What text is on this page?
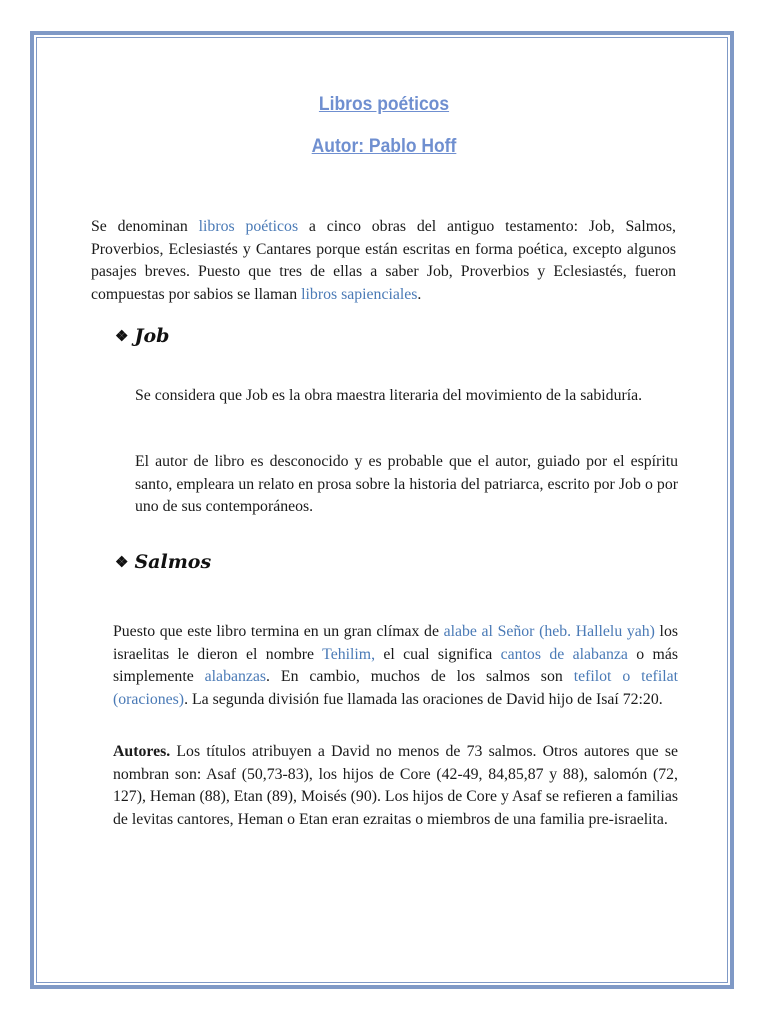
Libros poéticos
Autor: Pablo Hoff

Se denominan libros poéticos a cinco obras del antiguo testamento: Job, Salmos, Proverbios, Eclesiastés y Cantares porque están escritas en forma poética, excepto algunos pasajes breves. Puesto que tres de ellas a saber Job, Proverbios y Eclesiastés, fueron compuestas por sabios se llaman libros sapienciales.

❖ Job

Se considera que Job es la obra maestra literaria del movimiento de la sabiduría.

El autor de libro es desconocido y es probable que el autor, guiado por el espíritu santo, empleara un relato en prosa sobre la historia del patriarca, escrito por Job o por uno de sus contemporáneos.

❖ Salmos

Puesto que este libro termina en un gran clímax de alabe al Señor (heb. Hallelu yah) los israelitas le dieron el nombre Tehilim, el cual significa cantos de alabanza o más simplemente alabanzas. En cambio, muchos de los salmos son tefilot o tefilat (oraciones). La segunda división fue llamada las oraciones de David hijo de Isaí 72:20.

Autores. Los títulos atribuyen a David no menos de 73 salmos. Otros autores que se nombran son: Asaf (50,73-83), los hijos de Core (42-49, 84,85,87 y 88), salomón (72, 127), Heman (88), Etan (89), Moisés (90). Los hijos de Core y Asaf se refieren a familias de levitas cantores, Heman o Etan eran ezraitas o miembros de una familia pre-israelita.
